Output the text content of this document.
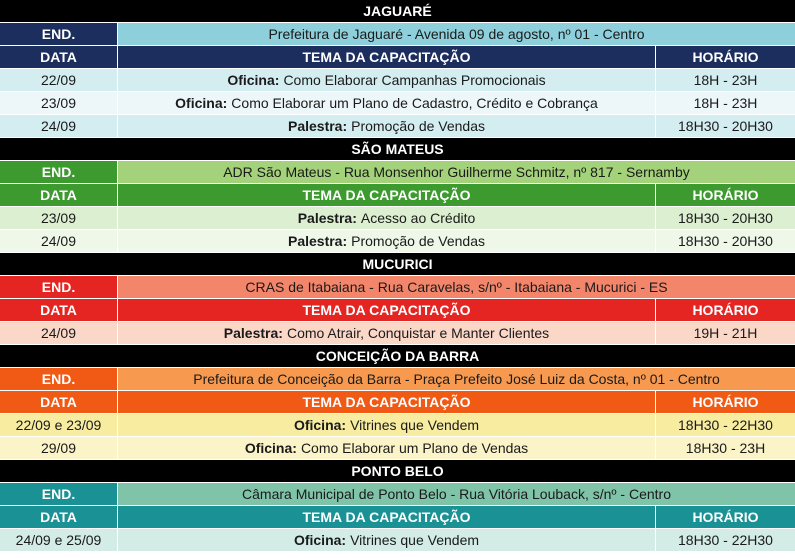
JAGUARÉ
END.	Prefeitura de Jaguaré - Avenida 09 de agosto, nº 01 - Centro
DATA	TEMA DA CAPACITAÇÃO	HORÁRIO
22/09	Oficina: Como Elaborar Campanhas Promocionais	18H - 23H
23/09	Oficina: Como Elaborar um Plano de Cadastro, Crédito e Cobrança	18H - 23H
24/09	Palestra: Promoção de Vendas	18H30 - 20H30
SÃO MATEUS
END.	ADR São Mateus - Rua Monsenhor Guilherme Schmitz, nº 817 - Sernamby
DATA	TEMA DA CAPACITAÇÃO	HORÁRIO
23/09	Palestra: Acesso ao Crédito	18H30 - 20H30
24/09	Palestra: Promoção de Vendas	18H30 - 20H30
MUCURICI
END.	CRAS de Itabaiana - Rua Caravelas, s/nº - Itabaiana - Mucurici - ES
DATA	TEMA DA CAPACITAÇÃO	HORÁRIO
24/09	Palestra: Como Atrair, Conquistar e Manter Clientes	19H - 21H
CONCEIÇÃO DA BARRA
END.	Prefeitura de Conceição da Barra - Praça Prefeito José Luiz da Costa, nº 01 - Centro
DATA	TEMA DA CAPACITAÇÃO	HORÁRIO
22/09 e 23/09	Oficina: Vitrines que Vendem	18H30 - 22H30
29/09	Oficina: Como Elaborar um Plano de Vendas	18H30 - 23H
PONTO BELO
END.	Câmara Municipal de Ponto Belo - Rua Vitória Louback, s/nº - Centro
DATA	TEMA DA CAPACITAÇÃO	HORÁRIO
24/09 e 25/09	Oficina: Vitrines que Vendem	18H30 - 22H30
